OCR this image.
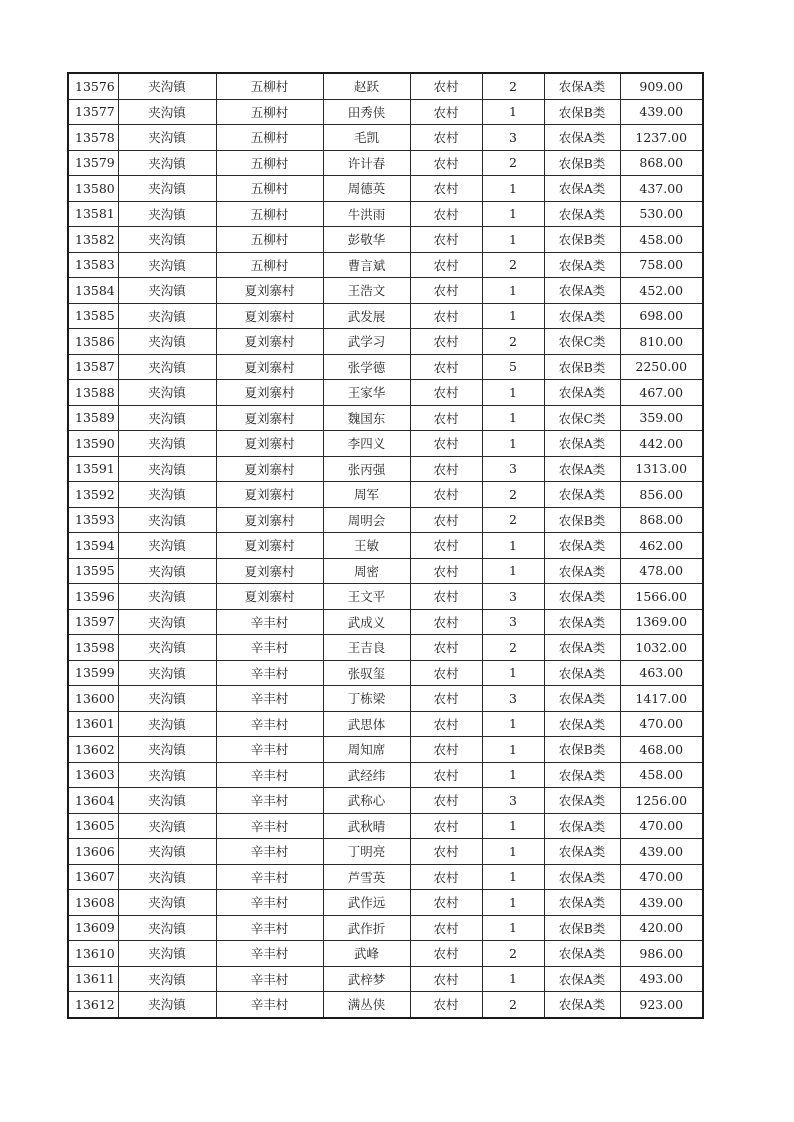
13576	夹沟镇	五柳村	赵跃	农村	2	农保A类	909.00
13577	夹沟镇	五柳村	田秀侠	农村	1	农保B类	439.00
13578	夹沟镇	五柳村	毛凯	农村	3	农保A类	1237.00
13579	夹沟镇	五柳村	许计春	农村	2	农保B类	868.00
13580	夹沟镇	五柳村	周德英	农村	1	农保A类	437.00
13581	夹沟镇	五柳村	牛洪雨	农村	1	农保A类	530.00
13582	夹沟镇	五柳村	彭敬华	农村	1	农保B类	458.00
13583	夹沟镇	五柳村	曹言斌	农村	2	农保A类	758.00
13584	夹沟镇	夏刘寨村	王浩文	农村	1	农保A类	452.00
13585	夹沟镇	夏刘寨村	武发展	农村	1	农保A类	698.00
13586	夹沟镇	夏刘寨村	武学习	农村	2	农保C类	810.00
13587	夹沟镇	夏刘寨村	张学德	农村	5	农保B类	2250.00
13588	夹沟镇	夏刘寨村	王家华	农村	1	农保A类	467.00
13589	夹沟镇	夏刘寨村	魏国东	农村	1	农保C类	359.00
13590	夹沟镇	夏刘寨村	李四义	农村	1	农保A类	442.00
13591	夹沟镇	夏刘寨村	张丙强	农村	3	农保A类	1313.00
13592	夹沟镇	夏刘寨村	周军	农村	2	农保A类	856.00
13593	夹沟镇	夏刘寨村	周明会	农村	2	农保B类	868.00
13594	夹沟镇	夏刘寨村	王敏	农村	1	农保A类	462.00
13595	夹沟镇	夏刘寨村	周密	农村	1	农保A类	478.00
13596	夹沟镇	夏刘寨村	王文平	农村	3	农保A类	1566.00
13597	夹沟镇	辛丰村	武成义	农村	3	农保A类	1369.00
13598	夹沟镇	辛丰村	王吉良	农村	2	农保A类	1032.00
13599	夹沟镇	辛丰村	张驭玺	农村	1	农保A类	463.00
13600	夹沟镇	辛丰村	丁栋梁	农村	3	农保A类	1417.00
13601	夹沟镇	辛丰村	武思体	农村	1	农保A类	470.00
13602	夹沟镇	辛丰村	周知席	农村	1	农保B类	468.00
13603	夹沟镇	辛丰村	武经纬	农村	1	农保A类	458.00
13604	夹沟镇	辛丰村	武称心	农村	3	农保A类	1256.00
13605	夹沟镇	辛丰村	武秋晴	农村	1	农保A类	470.00
13606	夹沟镇	辛丰村	丁明亮	农村	1	农保A类	439.00
13607	夹沟镇	辛丰村	芦雪英	农村	1	农保A类	470.00
13608	夹沟镇	辛丰村	武作远	农村	1	农保A类	439.00
13609	夹沟镇	辛丰村	武作折	农村	1	农保B类	420.00
13610	夹沟镇	辛丰村	武峰	农村	2	农保A类	986.00
13611	夹沟镇	辛丰村	武梓梦	农村	1	农保A类	493.00
13612	夹沟镇	辛丰村	满丛侠	农村	2	农保A类	923.00
